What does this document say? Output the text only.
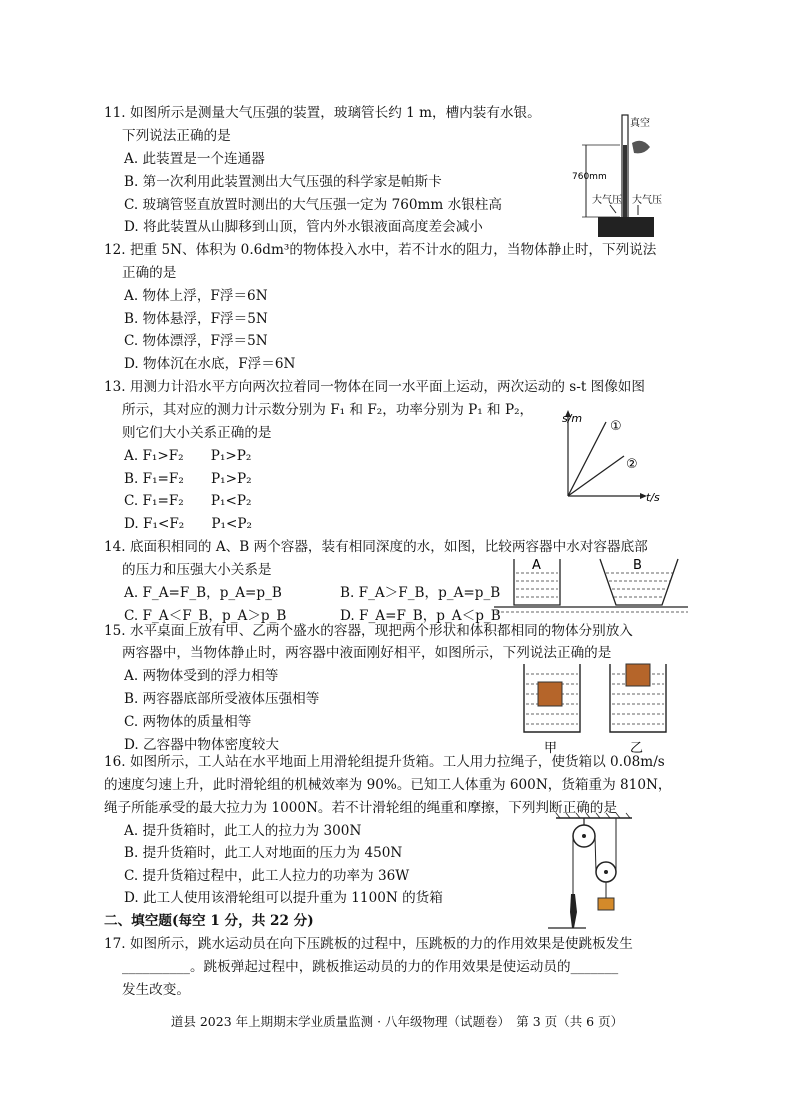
11. 如图所示是测量大气压强的装置，玻璃管长约 1 m，槽内装有水银。
下列说法正确的是
A. 此装置是一个连通器
B. 第一次利用此装置测出大气压强的科学家是帕斯卡
C. 玻璃管竖直放置时测出的大气压强一定为 760mm 水银柱高
D. 将此装置从山脚移到山顶，管内外水银液面高度差会减小
真空
760mm
大气压 大气压
12. 把重 5N、体积为 0.6dm³的物体投入水中，若不计水的阻力，当物体静止时，下列说法
正确的是
A. 物体上浮，F浮＝6N
B. 物体悬浮，F浮＝5N
C. 物体漂浮，F浮＝5N
D. 物体沉在水底，F浮＝6N
13. 用测力计沿水平方向两次拉着同一物体在同一水平面上运动，两次运动的 s-t 图像如图
所示，其对应的测力计示数分别为 F₁ 和 F₂，功率分别为 P₁ 和 P₂，
则它们大小关系正确的是
A. F₁>F₂　　P₁>P₂
B. F₁=F₂　　P₁>P₂
C. F₁=F₂　　P₁<P₂
D. F₁<F₂　　P₁<P₂
s/m
t/s
①
②
14. 底面积相同的 A、B 两个容器，装有相同深度的水，如图，比较两容器中水对容器底部
的压力和压强大小关系是
A. F_A=F_B，p_A=p_B	B. F_A＞F_B，p_A=p_B
C. F_A＜F_B，p_A＞p_B	D. F_A=F_B，p_A＜p_B
A	B
15. 水平桌面上放有甲、乙两个盛水的容器，现把两个形状和体积都相同的物体分别放入
两容器中，当物体静止时，两容器中液面刚好相平，如图所示，下列说法正确的是
A. 两物体受到的浮力相等
B. 两容器底部所受液体压强相等
C. 两物体的质量相等
D. 乙容器中物体密度较大	甲	乙
16. 如图所示，工人站在水平地面上用滑轮组提升货箱。工人用力拉绳子，使货箱以 0.08m/s
的速度匀速上升，此时滑轮组的机械效率为 90%。已知工人体重为 600N，货箱重为 810N，
绳子所能承受的最大拉力为 1000N。若不计滑轮组的绳重和摩擦，下列判断正确的是
A. 提升货箱时，此工人的拉力为 300N
B. 提升货箱时，此工人对地面的压力为 450N
C. 提升货箱过程中，此工人拉力的功率为 36W
D. 此工人使用该滑轮组可以提升重为 1100N 的货箱
二、填空题(每空 1 分，共 22 分)
17. 如图所示，跳水运动员在向下压跳板的过程中，压跳板的力的作用效果是使跳板发生
__________。跳板弹起过程中，跳板推运动员的力的作用效果是使运动员的_______
发生改变。
道县 2023 年上期期末学业质量监测 · 八年级物理（试题卷）　第 3 页（共 6 页）
